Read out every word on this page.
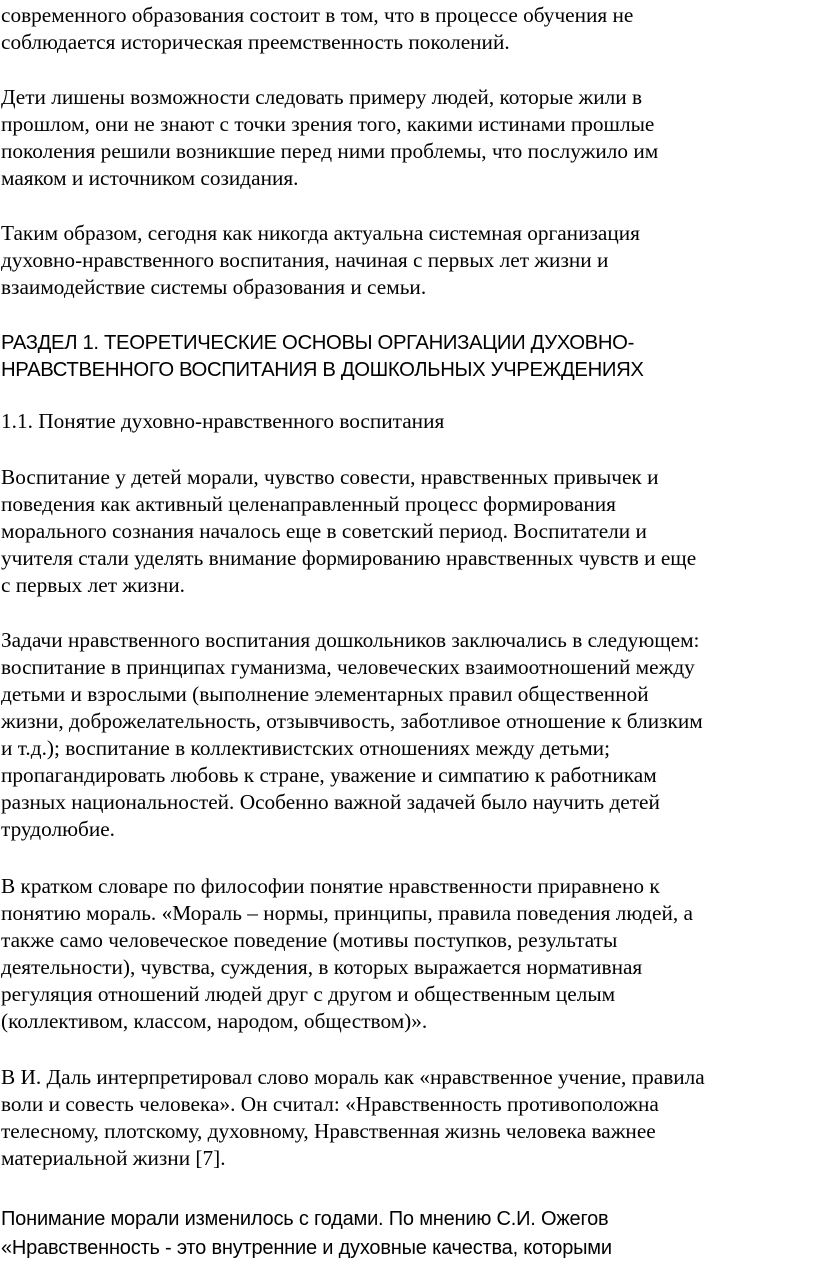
современного образования состоит в том, что в процессе обучения не
соблюдается историческая преемственность поколений.

Дети лишены возможности следовать примеру людей, которые жили в
прошлом, они не знают с точки зрения того, какими истинами прошлые
поколения решили возникшие перед ними проблемы, что послужило им
маяком и источником созидания.

Таким образом, сегодня как никогда актуальна системная организация
духовно-нравственного воспитания, начиная с первых лет жизни и
взаимодействие системы образования и семьи.

РАЗДЕЛ 1. ТЕОРЕТИЧЕСКИЕ ОСНОВЫ ОРГАНИЗАЦИИ ДУХОВНО-
НРАВСТВЕННОГО ВОСПИТАНИЯ В ДОШКОЛЬНЫХ УЧРЕЖДЕНИЯХ

1.1. Понятие духовно-нравственного воспитания

Воспитание у детей морали, чувство совести, нравственных привычек и
поведения как активный целенаправленный процесс формирования
морального сознания началось еще в советский период. Воспитатели и
учителя стали уделять внимание формированию нравственных чувств и еще
с первых лет жизни.

Задачи нравственного воспитания дошкольников заключались в следующем:
воспитание в принципах гуманизма, человеческих взаимоотношений между
детьми и взрослыми (выполнение элементарных правил общественной
жизни, доброжелательность, отзывчивость, заботливое отношение к близким
и т.д.); воспитание в коллективистских отношениях между детьми;
пропагандировать любовь к стране, уважение и симпатию к работникам
разных национальностей. Особенно важной задачей было научить детей
трудолюбие.

В кратком словаре по философии понятие нравственности приравнено к
понятию мораль. «Мораль – нормы, принципы, правила поведения людей, а
также само человеческое поведение (мотивы поступков, результаты
деятельности), чувства, суждения, в которых выражается нормативная
регуляция отношений людей друг с другом и общественным целым
(коллективом, классом, народом, обществом)».

В И. Даль интерпретировал слово мораль как «нравственное учение, правила
воли и совесть человека». Он считал: «Нравственность противоположна
телесному, плотскому, духовному, Нравственная жизнь человека важнее
материальной жизни [7].

Понимание морали изменилось с годами. По мнению С.И. Ожегов
«Нравственность - это внутренние и духовные качества, которыми
